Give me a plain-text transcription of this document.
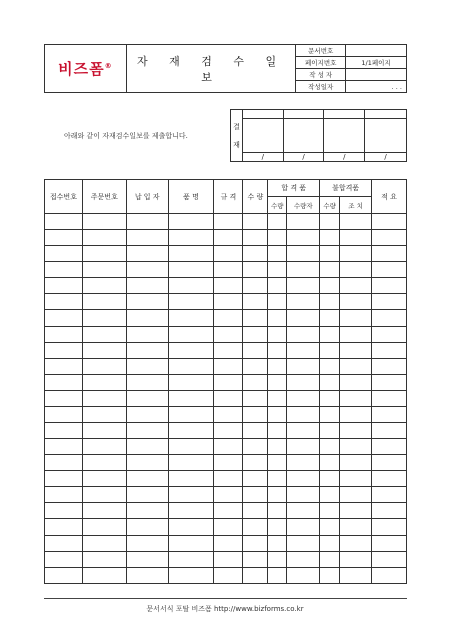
비즈폼®	자 재 검 수 일 보	문서번호	
		페이지번호	1/1페이지
		작 성 자	
		작성일자	. . .
아래와 같이 자재검수일보를 제출합니다.
결

재				

	/	/	/	/
접수번호	주문번호	납 입 자	품 명	규 격	수 량	합 격 품		불합격품		적 요
						수량	수량자	수량	조 치	

문서서식 포탈 비즈폼 http://www.bizforms.co.kr
